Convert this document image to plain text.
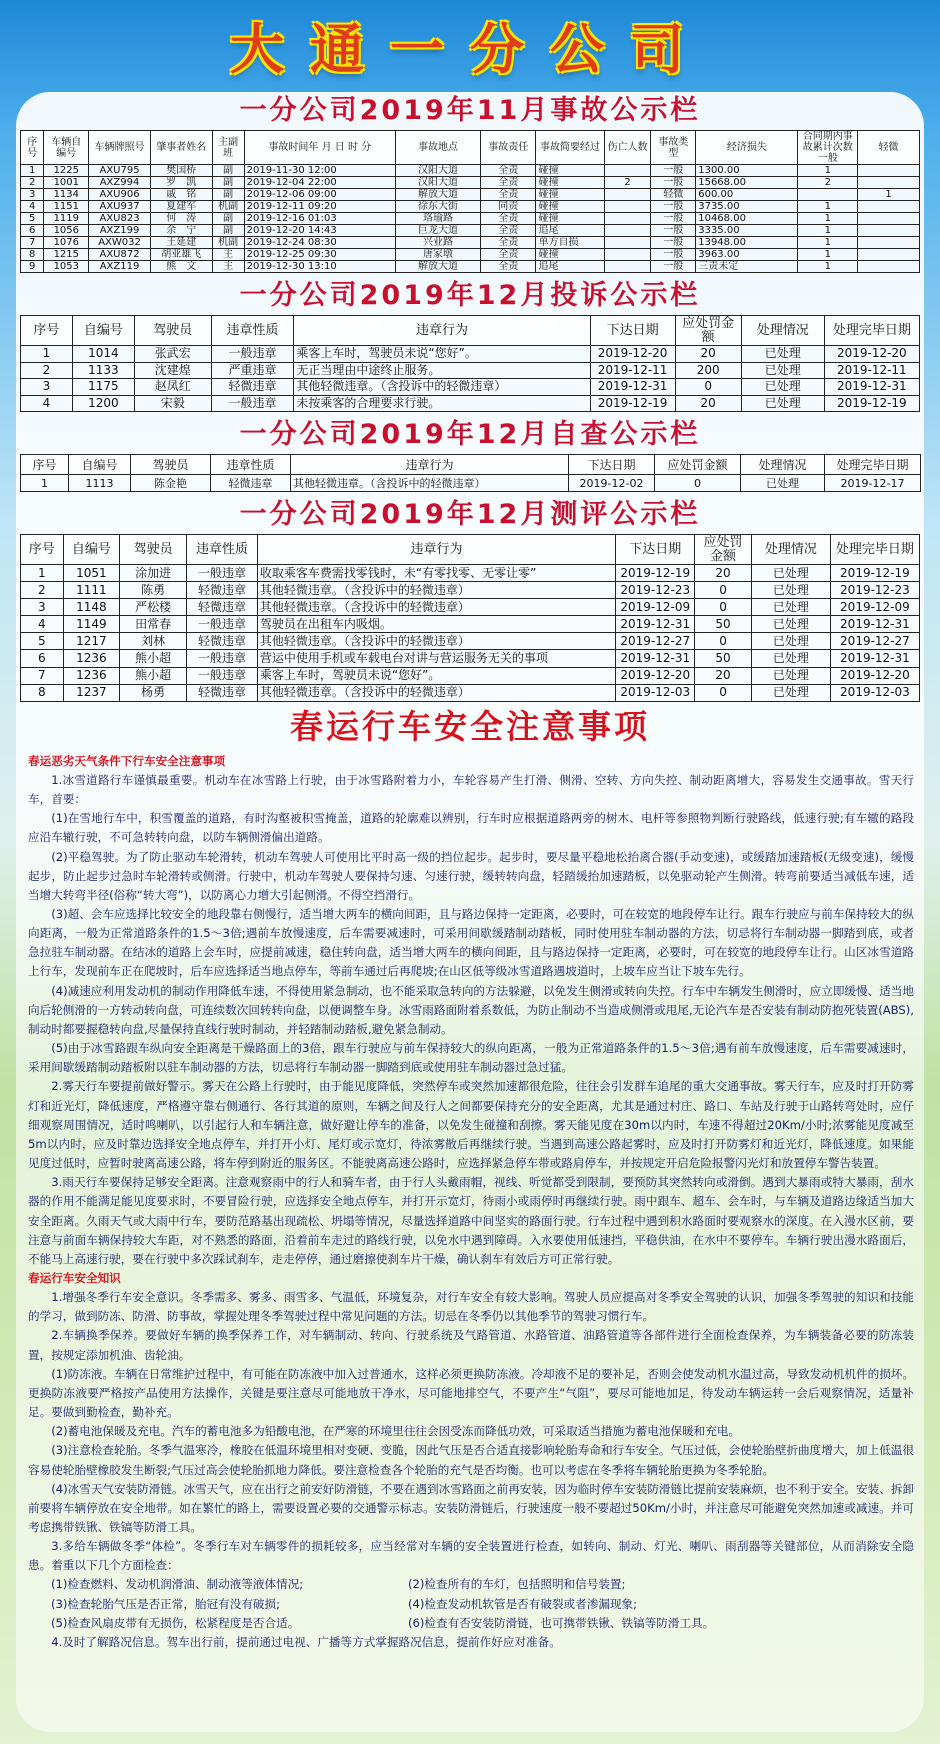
大通一分公司
一分公司2019年11月事故公示栏
序号	车辆自编号	车辆牌照号	肇事者姓名	主副班	事故时间年 月 日 时 分	事故地点	事故责任	事故简要经过	伤亡人数	事故类型	经济损失	合同期内事故累计次数 一般	轻微
1	1225	AXU795	樊国桥	副	2019-11-30 12:00	汉阳大道	全责	碰撞		一般	1300.00	1	
2	1001	AXZ994	罗　凯	副	2019-12-04 22:00	汉阳大道	全责	碰撞	2	一般	15668.00	2	
3	1134	AXU906	戚　铭	副	2019-12-06 09:00	解放大道	全责	碰撞		轻微	600.00		1
4	1151	AXU937	夏建军	机副	2019-12-11 09:20	徐东大街	同责	碰撞		一般	3735.00	1	
5	1119	AXU823	何　涛	副	2019-12-16 01:03	珞瑜路	全责	碰撞		一般	10468.00	1	
6	1056	AXZ199	余　宁	副	2019-12-20 14:43	巨龙大道	全责	追尾		一般	3335.00	1	
7	1076	AXW032	王延建	机副	2019-12-24 08:30	兴业路	全责	单方自损		一般	13948.00	1	
8	1215	AXU872	胡亚雄飞	主	2019-12-25 09:30	唐家墩	全责	碰撞		一般	3963.00	1	
9	1053	AXZ119	熊　文	主	2019-12-30 13:10	解放大道	全责	追尾		一般	三责未定	1	
一分公司2019年12月投诉公示栏
序号	自编号	驾驶员	违章性质	违章行为	下达日期	应处罚金额	处理情况	处理完毕日期
1	1014	张武宏	一般违章	乘客上车时，驾驶员未说“您好”。	2019-12-20	20	已处理	2019-12-20
2	1133	沈建煌	严重违章	无正当理由中途终止服务。	2019-12-11	200	已处理	2019-12-11
3	1175	赵凤红	轻微违章	其他轻微违章。（含投诉中的轻微违章）	2019-12-31	0	已处理	2019-12-31
4	1200	宋毅	一般违章	未按乘客的合理要求行驶。	2019-12-19	20	已处理	2019-12-19
一分公司2019年12月自查公示栏
序号	自编号	驾驶员	违章性质	违章行为	下达日期	应处罚金额	处理情况	处理完毕日期
1	1113	陈金艳	轻微违章	其他轻微违章。（含投诉中的轻微违章）	2019-12-02	0	已处理	2019-12-17
一分公司2019年12月测评公示栏
序号	自编号	驾驶员	违章性质	违章行为	下达日期	应处罚金额	处理情况	处理完毕日期
1	1051	涂加进	一般违章	收取乘客车费需找零钱时，未“有零找零、无零让零”	2019-12-19	20	已处理	2019-12-19
2	1111	陈勇	轻微违章	其他轻微违章。（含投诉中的轻微违章）	2019-12-23	0	已处理	2019-12-23
3	1148	严松楼	轻微违章	其他轻微违章。（含投诉中的轻微违章）	2019-12-09	0	已处理	2019-12-09
4	1149	田常春	一般违章	驾驶员在出租车内吸烟。	2019-12-31	50	已处理	2019-12-31
5	1217	刘林	轻微违章	其他轻微违章。（含投诉中的轻微违章）	2019-12-27	0	已处理	2019-12-27
6	1236	熊小超	一般违章	营运中使用手机或车载电台对讲与营运服务无关的事项	2019-12-31	50	已处理	2019-12-31
7	1236	熊小超	一般违章	乘客上车时，驾驶员未说“您好”。	2019-12-20	20	已处理	2019-12-20
8	1237	杨勇	轻微违章	其他轻微违章。（含投诉中的轻微违章）	2019-12-03	0	已处理	2019-12-03
春运行车安全注意事项

春运恶劣天气条件下行车安全注意事项

1.冰雪道路行车谨慎最重要。机动车在冰雪路上行驶，由于冰雪路附着力小，车轮容易产生打滑、侧滑、空转、方向失控、制动距离增大，容易发生交通事故。雪天行车，首要：

(1)在雪地行车中，积雪覆盖的道路，有时沟壑被积雪掩盖，道路的轮廓难以辨别，行车时应根据道路两旁的树木、电杆等参照物判断行驶路线，低速行驶;有车辙的路段应沿车辙行驶，不可急转转向盘，以防车辆侧滑偏出道路。

(2)平稳驾驶。为了防止驱动车轮滑转，机动车驾驶人可使用比平时高一级的挡位起步。起步时，要尽量平稳地松抬离合器(手动变速)，或缓踏加速踏板(无级变速)，缓慢起步，防止起步过急时车轮滑转或侧滑。行驶中，机动车驾驶人要保持匀速、匀速行驶，缓转转向盘，轻踏缓抬加速踏板，以免驱动轮产生侧滑。转弯前要适当减低车速，适当增大转弯半径(俗称“转大弯”)，以防离心力增大引起侧滑。不得空挡滑行。

(3)超、会车应选择比较安全的地段靠右侧慢行，适当增大两车的横向间距，且与路边保持一定距离，必要时，可在较宽的地段停车让行。跟车行驶应与前车保持较大的纵向距离，一般为正常道路条件的1.5～3倍;遇前车放慢速度，后车需要减速时，可采用间歇缓踏制动踏板，同时使用驻车制动器的方法，切忌将行车制动器一脚踏到底，或者急拉驻车制动器。在结冰的道路上会车时，应提前减速，稳住转向盘，适当增大两车的横向间距，且与路边保持一定距离，必要时，可在较宽的地段停车让行。山区冰雪道路上行车，发现前车正在爬坡时，后车应选择适当地点停车，等前车通过后再爬坡;在山区低等级冰雪道路遇坡道时，上坡车应当让下坡车先行。

(4)减速应利用发动机的制动作用降低车速，不得使用紧急制动，也不能采取急转向的方法躲避，以免发生侧滑或转向失控。行车中车辆发生侧滑时，应立即缓慢、适当地向后轮侧滑的一方转动转向盘，可连续数次回转转向盘，以便调整车身。冰雪雨路面附着系数低，为防止制动不当造成侧滑或甩尾,无论汽车是否安装有制动防抱死装置(ABS),制动时都要握稳转向盘,尽量保持直线行驶时制动，并轻踏制动踏板,避免紧急制动。

(5)由于冰雪路跟车纵向安全距离是干燥路面上的3倍，跟车行驶应与前车保持较大的纵向距离，一般为正常道路条件的1.5～3倍;遇有前车放慢速度，后车需要减速时，采用间歇缓踏制动踏板附以驻车制动器的方法，切忌将行车制动器一脚踏到底或使用驻车制动器过急过猛。

2.雾天行车要提前做好警示。雾天在公路上行驶时，由于能见度降低，突然停车或突然加速都很危险，往往会引发群车追尾的重大交通事故。雾天行车，应及时打开防雾灯和近光灯，降低速度，严格遵守靠右侧通行、各行其道的原则，车辆之间及行人之间都要保持充分的安全距离，尤其是通过村庄、路口、车站及行驶于山路转弯处时，应仔细观察周围情况，适时鸣喇叭，以引起行人和车辆注意，做好避让停车的准备，以免发生碰撞和刮擦。雾天能见度在30m以内时，车速不得超过20Km/小时;浓雾能见度减至5m以内时，应及时靠边选择安全地点停车，并打开小灯、尾灯或示宽灯，待浓雾散后再继续行驶。当遇到高速公路起雾时，应及时打开防雾灯和近光灯，降低速度。如果能见度过低时，应暂时驶离高速公路，将车停到附近的服务区。不能驶离高速公路时，应选择紧急停车带或路肩停车，并按规定开启危险报警闪光灯和放置停车警告装置。

3.雨天行车要保持足够安全距离。注意观察雨中的行人和骑车者，由于行人头戴雨帽，视线、听觉都受到限制，要预防其突然转向或滑倒。遇到大暴雨或特大暴雨，刮水器的作用不能满足能见度要求时，不要冒险行驶，应选择安全地点停车，并打开示宽灯，待雨小或雨停时再继续行驶。雨中跟车、超车、会车时，与车辆及道路边缘适当加大安全距离。久雨天气或大雨中行车，要防范路基出现疏松、坍塌等情况，尽量选择道路中间坚实的路面行驶。行车过程中遇到积水路面时要观察水的深度。在入漫水区前，要注意与前面车辆保持较大车距，对不熟悉的路面，沿着前车走过的路线行驶，以免水中遇到障碍。入水要使用低速挡，平稳供油，在水中不要停车。车辆行驶出漫水路面后，不能马上高速行驶，要在行驶中多次踩试刹车，走走停停，通过磨擦使刹车片干燥，确认刹车有效后方可正常行驶。

春运行车安全知识

1.增强冬季行车安全意识。冬季需多、雾多、雨雪多、气温低，环境复杂，对行车安全有较大影响。驾驶人员应提高对冬季安全驾驶的认识，加强冬季驾驶的知识和技能的学习，做到防冻、防滑、防事故，掌握处理冬季驾驶过程中常见问题的方法。切忌在冬季仍以其他季节的驾驶习惯行车。

2.车辆换季保养。要做好车辆的换季保养工作，对车辆制动、转向、行驶系统及气路管道、水路管道、油路管道等各部件进行全面检查保养，为车辆装备必要的防冻装置，按规定添加机油、齿轮油。

(1)防冻液。车辆在日常维护过程中，有可能在防冻液中加入过普通水，这样必须更换防冻液。冷却液不足的要补足，否则会使发动机水温过高，导致发动机机件的损坏。更换防冻液要严格按产品使用方法操作，关键是要注意尽可能地放干净水，尽可能地排空气，不要产生“气阻”，要尽可能地加足，待发动车辆运转一会后观察情况，适量补足。要做到勤检查，勤补充。

(2)蓄电池保暖及充电。汽车的蓄电池多为铅酸电池，在严寒的环境里往往会因受冻而降低功效，可采取适当措施为蓄电池保暖和充电。

(3)注意检查轮胎。冬季气温寒冷，橡胶在低温环境里相对变硬、变脆，因此气压是否合适直接影响轮胎寿命和行车安全。气压过低，会使轮胎壁折曲度增大，加上低温很容易使轮胎壁橡胶发生断裂;气压过高会使轮胎抓地力降低。要注意检查各个轮胎的充气是否均衡。也可以考虑在冬季将车辆轮胎更换为冬季轮胎。

(4)冰雪天气安装防滑链。冰雪天气，应在出行之前安好防滑链，不要在遇到冰雪路面之前再安装，因为临时停车安装防滑链比提前安装麻烦，也不利于安全。安装、拆卸前要将车辆停放在安全地带。如在繁忙的路上，需要设置必要的交通警示标志。安装防滑链后，行驶速度一般不要超过50Km/小时，并注意尽可能避免突然加速或减速。并可考虑携带铁锹、铁镐等防滑工具。

3.多给车辆做冬季“体检”。冬季行车对车辆零件的损耗较多，应当经常对车辆的安全装置进行检查，如转向、制动、灯光、喇叭、雨刮器等关键部位，从而消除安全隐患。着重以下几个方面检查：

(1)检查燃料、发动机润滑油、制动液等液体情况;	(2)检查所有的车灯，包括照明和信号装置;
(3)检查轮胎气压是否正常，胎冠有没有破损;	(4)检查发动机软管是否有破裂或者渗漏现象;
(5)检查风扇皮带有无损伤，松紧程度是否合适。	(6)检查有否安装防滑链，也可携带铁锹、铁镐等防滑工具。

4.及时了解路况信息。驾车出行前，提前通过电视、广播等方式掌握路况信息，提前作好应对准备。
